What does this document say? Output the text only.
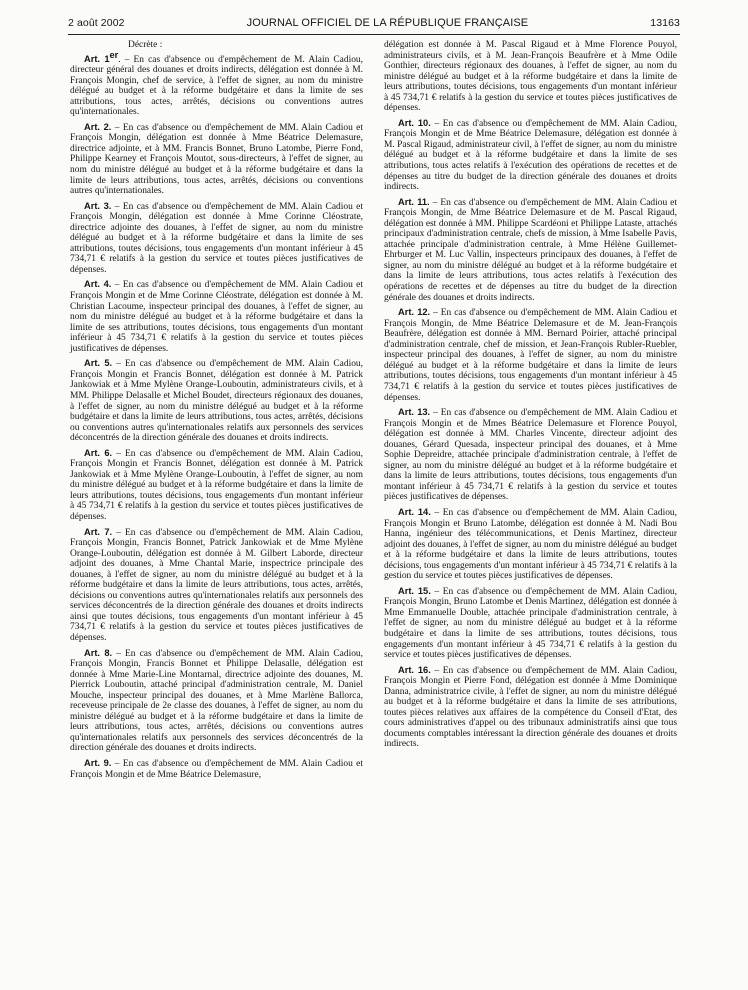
2 août 2002	JOURNAL OFFICIEL DE LA RÉPUBLIQUE FRANÇAISE	13163

Décrète :

Art. 1er. – En cas d'absence ou d'empêchement de M. Alain Cadiou, directeur général des douanes et droits indirects, délégation est donnée à M. François Mongin, chef de service, à l'effet de signer, au nom du ministre délégué au budget et à la réforme budgétaire et dans la limite de ses attributions, tous actes, arrêtés, décisions ou conventions autres qu'internationales.

Art. 2. – En cas d'absence ou d'empêchement de MM. Alain Cadiou et François Mongin, délégation est donnée à Mme Béatrice Delemasure, directrice adjointe, et à MM. Francis Bonnet, Bruno Latombe, Pierre Fond, Philippe Kearney et François Moutot, sous-directeurs, à l'effet de signer, au nom du ministre délégué au budget et à la réforme budgétaire et dans la limite de leurs attributions, tous actes, arrêtés, décisions ou conventions autres qu'internationales.

Art. 3. – En cas d'absence ou d'empêchement de MM. Alain Cadiou et François Mongin, délégation est donnée à Mme Corinne Cléostrate, directrice adjointe des douanes, à l'effet de signer, au nom du ministre délégué au budget et à la réforme budgétaire et dans la limite de ses attributions, toutes décisions, tous engagements d'un montant inférieur à 45 734,71 € relatifs à la gestion du service et toutes pièces justificatives de dépenses.

Art. 4. – En cas d'absence ou d'empêchement de MM. Alain Cadiou et François Mongin et de Mme Corinne Cléostrate, délégation est donnée à M. Christian Lacoume, inspecteur principal des douanes, à l'effet de signer, au nom du ministre délégué au budget et à la réforme budgétaire et dans la limite de ses attributions, toutes décisions, tous engagements d'un montant inférieur à 45 734,71 € relatifs à la gestion du service et toutes pièces justificatives de dépenses.

Art. 5. – En cas d'absence ou d'empêchement de MM. Alain Cadiou, François Mongin et Francis Bonnet, délégation est donnée à M. Patrick Jankowiak et à Mme Mylène Orange-Louboutin, administrateurs civils, et à MM. Philippe Delasalle et Michel Boudet, directeurs régionaux des douanes, à l'effet de signer, au nom du ministre délégué au budget et à la réforme budgétaire et dans la limite de leurs attributions, tous actes, arrêtés, décisions ou conventions autres qu'internationales relatifs aux personnels des services déconcentrés de la direction générale des douanes et droits indirects.

Art. 6. – En cas d'absence ou d'empêchement de MM. Alain Cadiou, François Mongin et Francis Bonnet, délégation est donnée à M. Patrick Jankowiak et à Mme Mylène Orange-Louboutin, à l'effet de signer, au nom du ministre délégué au budget et à la réforme budgétaire et dans la limite de leurs attributions, toutes décisions, tous engagements d'un montant inférieur à 45 734,71 € relatifs à la gestion du service et toutes pièces justificatives de dépenses.

Art. 7. – En cas d'absence ou d'empêchement de MM. Alain Cadiou, François Mongin, Francis Bonnet, Patrick Jankowiak et de Mme Mylène Orange-Louboutin, délégation est donnée à M. Gilbert Laborde, directeur adjoint des douanes, à Mme Chantal Marie, inspectrice principale des douanes, à l'effet de signer, au nom du ministre délégué au budget et à la réforme budgétaire et dans la limite de leurs attributions, tous actes, arrêtés, décisions ou conventions autres qu'internationales relatifs aux personnels des services déconcentrés de la direction générale des douanes et droits indirects ainsi que toutes décisions, tous engagements d'un montant inférieur à 45 734,71 € relatifs à la gestion du service et toutes pièces justificatives de dépenses.

Art. 8. – En cas d'absence ou d'empêchement de MM. Alain Cadiou, François Mongin, Francis Bonnet et Philippe Delasalle, délégation est donnée à Mme Marie-Line Montarnal, directrice adjointe des douanes, M. Pierrick Louboutin, attaché principal d'administration centrale, M. Daniel Mouche, inspecteur principal des douanes, et à Mme Marlène Ballorca, receveuse principale de 2e classe des douanes, à l'effet de signer, au nom du ministre délégué au budget et à la réforme budgétaire et dans la limite de leurs attributions, tous actes, arrêtés, décisions ou conventions autres qu'internationales relatifs aux personnels des services déconcentrés de la direction générale des douanes et droits indirects.

Art. 9. – En cas d'absence ou d'empêchement de MM. Alain Cadiou et François Mongin et de Mme Béatrice Delemasure,

délégation est donnée à M. Pascal Rigaud et à Mme Florence Pouyol, administrateurs civils, et à M. Jean-François Beaufrère et à Mme Odile Gonthier, directeurs régionaux des douanes, à l'effet de signer, au nom du ministre délégué au budget et à la réforme budgétaire et dans la limite de leurs attributions, toutes décisions, tous engagements d'un montant inférieur à 45 734,71 € relatifs à la gestion du service et toutes pièces justificatives de dépenses.

Art. 10. – En cas d'absence ou d'empêchement de MM. Alain Cadiou, François Mongin et de Mme Béatrice Delemasure, délégation est donnée à M. Pascal Rigaud, administrateur civil, à l'effet de signer, au nom du ministre délégué au budget et à la réforme budgétaire et dans la limite de ses attributions, tous actes relatifs à l'exécution des opérations de recettes et de dépenses au titre du budget de la direction générale des douanes et droits indirects.

Art. 11. – En cas d'absence ou d'empêchement de MM. Alain Cadiou et François Mongin, de Mme Béatrice Delemasure et de M. Pascal Rigaud, délégation est donnée à MM. Philippe Scardéoni et Philippe Lataste, attachés principaux d'administration centrale, chefs de mission, à Mme Isabelle Pavis, attachée principale d'administration centrale, à Mme Hélène Guillemet-Ehrburger et M. Luc Vallin, inspecteurs principaux des douanes, à l'effet de signer, au nom du ministre délégué au budget et à la réforme budgétaire et dans la limite de leurs attributions, tous actes relatifs à l'exécution des opérations de recettes et de dépenses au titre du budget de la direction générale des douanes et droits indirects.

Art. 12. – En cas d'absence ou d'empêchement de MM. Alain Cadiou et François Mongin, de Mme Béatrice Delemasure et de M. Jean-François Beaufrère, délégation est donnée à MM. Bernard Poirier, attaché principal d'administration centrale, chef de mission, et Jean-François Rubler-Ruebler, inspecteur principal des douanes, à l'effet de signer, au nom du ministre délégué au budget et à la réforme budgétaire et dans la limite de leurs attributions, toutes décisions, tous engagements d'un montant inférieur à 45 734,71 € relatifs à la gestion du service et toutes pièces justificatives de dépenses.

Art. 13. – En cas d'absence ou d'empêchement de MM. Alain Cadiou et François Mongin et de Mmes Béatrice Delemasure et Florence Pouyol, délégation est donnée à MM. Charles Vincente, directeur adjoint des douanes, Gérard Quesada, inspecteur principal des douanes, et à Mme Sophie Depreidre, attachée principale d'administration centrale, à l'effet de signer, au nom du ministre délégué au budget et à la réforme budgétaire et dans la limite de leurs attributions, toutes décisions, tous engagements d'un montant inférieur à 45 734,71 € relatifs à la gestion du service et toutes pièces justificatives de dépenses.

Art. 14. – En cas d'absence ou d'empêchement de MM. Alain Cadiou, François Mongin et Bruno Latombe, délégation est donnée à M. Nadi Bou Hanna, ingénieur des télécommunications, et Denis Martinez, directeur adjoint des douanes, à l'effet de signer, au nom du ministre délégué au budget et à la réforme budgétaire et dans la limite de leurs attributions, toutes décisions, tous engagements d'un montant inférieur à 45 734,71 € relatifs à la gestion du service et toutes pièces justificatives de dépenses.

Art. 15. – En cas d'absence ou d'empêchement de MM. Alain Cadiou, François Mongin, Bruno Latombe et Denis Martinez, délégation est donnée à Mme Emmanuelle Double, attachée principale d'administration centrale, à l'effet de signer, au nom du ministre délégué au budget et à la réforme budgétaire et dans la limite de ses attributions, toutes décisions, tous engagements d'un montant inférieur à 45 734,71 € relatifs à la gestion du service et toutes pièces justificatives de dépenses.

Art. 16. – En cas d'absence ou d'empêchement de MM. Alain Cadiou, François Mongin et Pierre Fond, délégation est donnée à Mme Dominique Danna, administratrice civile, à l'effet de signer, au nom du ministre délégué au budget et à la réforme budgétaire et dans la limite de ses attributions, toutes pièces relatives aux affaires de la compétence du Conseil d'Etat, des cours administratives d'appel ou des tribunaux administratifs ainsi que tous documents comptables intéressant la direction générale des douanes et droits indirects.
